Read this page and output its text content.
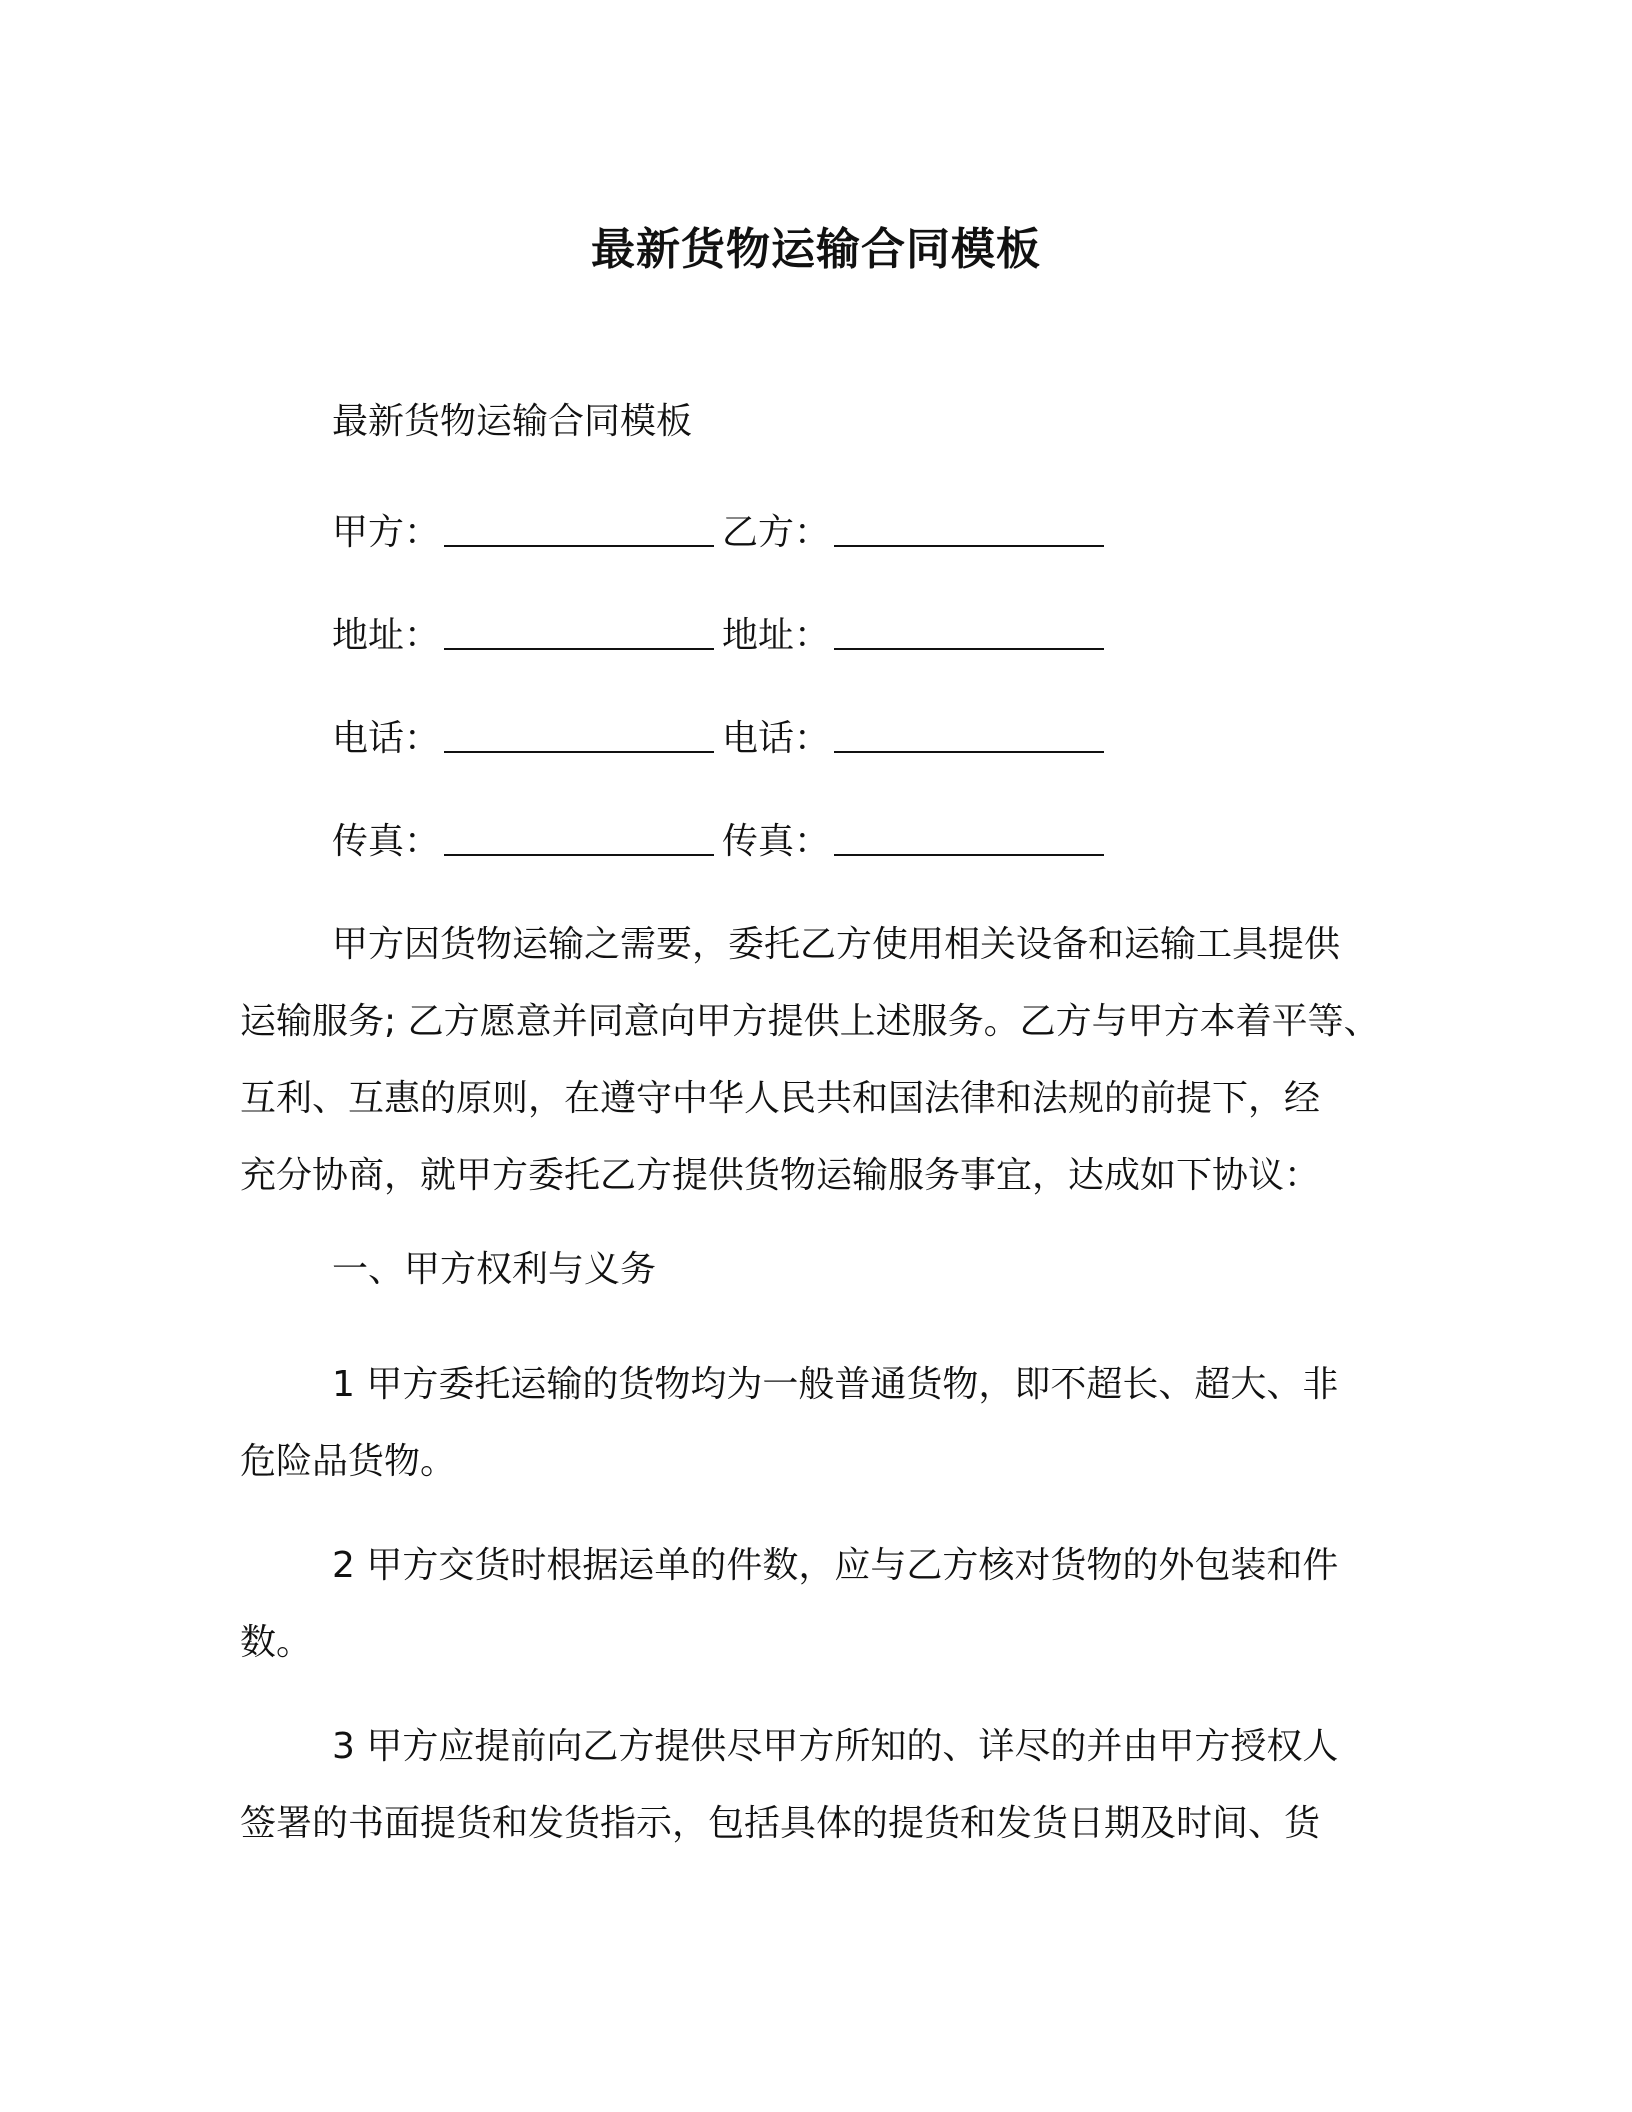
最新货物运输合同模板
最新货物运输合同模板
甲方：	乙方：
地址：	地址：
电话：	电话：
传真：	传真：
甲方因货物运输之需要，委托乙方使用相关设备和运输工具提供
运输服务; 乙方愿意并同意向甲方提供上述服务。乙方与甲方本着平等、
互利、互惠的原则，在遵守中华人民共和国法律和法规的前提下，经
充分协商，就甲方委托乙方提供货物运输服务事宜，达成如下协议：
一、甲方权利与义务
1 甲方委托运输的货物均为一般普通货物，即不超长、超大、非
危险品货物。
2 甲方交货时根据运单的件数，应与乙方核对货物的外包装和件
数。
3 甲方应提前向乙方提供尽甲方所知的、详尽的并由甲方授权人
签署的书面提货和发货指示，包括具体的提货和发货日期及时间、货
